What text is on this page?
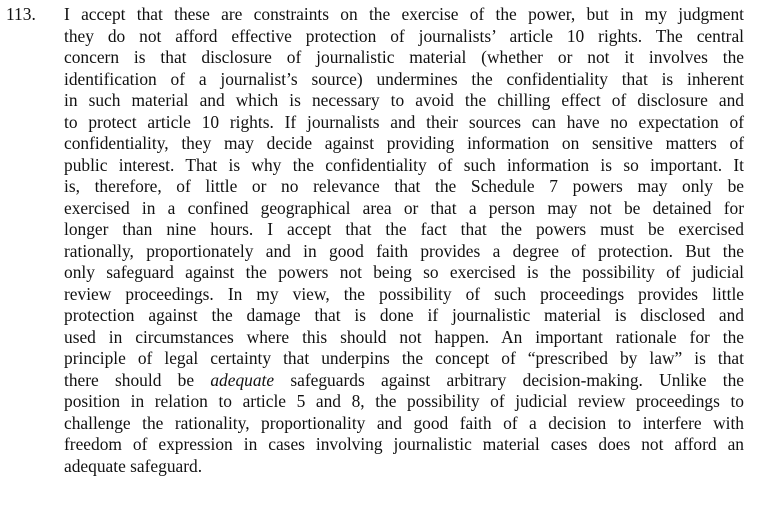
113. I accept that these are constraints on the exercise of the power, but in my judgment
they do not afford effective protection of journalists’ article 10 rights. The central
concern is that disclosure of journalistic material (whether or not it involves the
identification of a journalist’s source) undermines the confidentiality that is inherent
in such material and which is necessary to avoid the chilling effect of disclosure and
to protect article 10 rights. If journalists and their sources can have no expectation of
confidentiality, they may decide against providing information on sensitive matters of
public interest. That is why the confidentiality of such information is so important. It
is, therefore, of little or no relevance that the Schedule 7 powers may only be
exercised in a confined geographical area or that a person may not be detained for
longer than nine hours. I accept that the fact that the powers must be exercised
rationally, proportionately and in good faith provides a degree of protection. But the
only safeguard against the powers not being so exercised is the possibility of judicial
review proceedings. In my view, the possibility of such proceedings provides little
protection against the damage that is done if journalistic material is disclosed and
used in circumstances where this should not happen. An important rationale for the
principle of legal certainty that underpins the concept of “prescribed by law” is that
there should be adequate safeguards against arbitrary decision-making. Unlike the
position in relation to article 5 and 8, the possibility of judicial review proceedings to
challenge the rationality, proportionality and good faith of a decision to interfere with
freedom of expression in cases involving journalistic material cases does not afford an
adequate safeguard.
